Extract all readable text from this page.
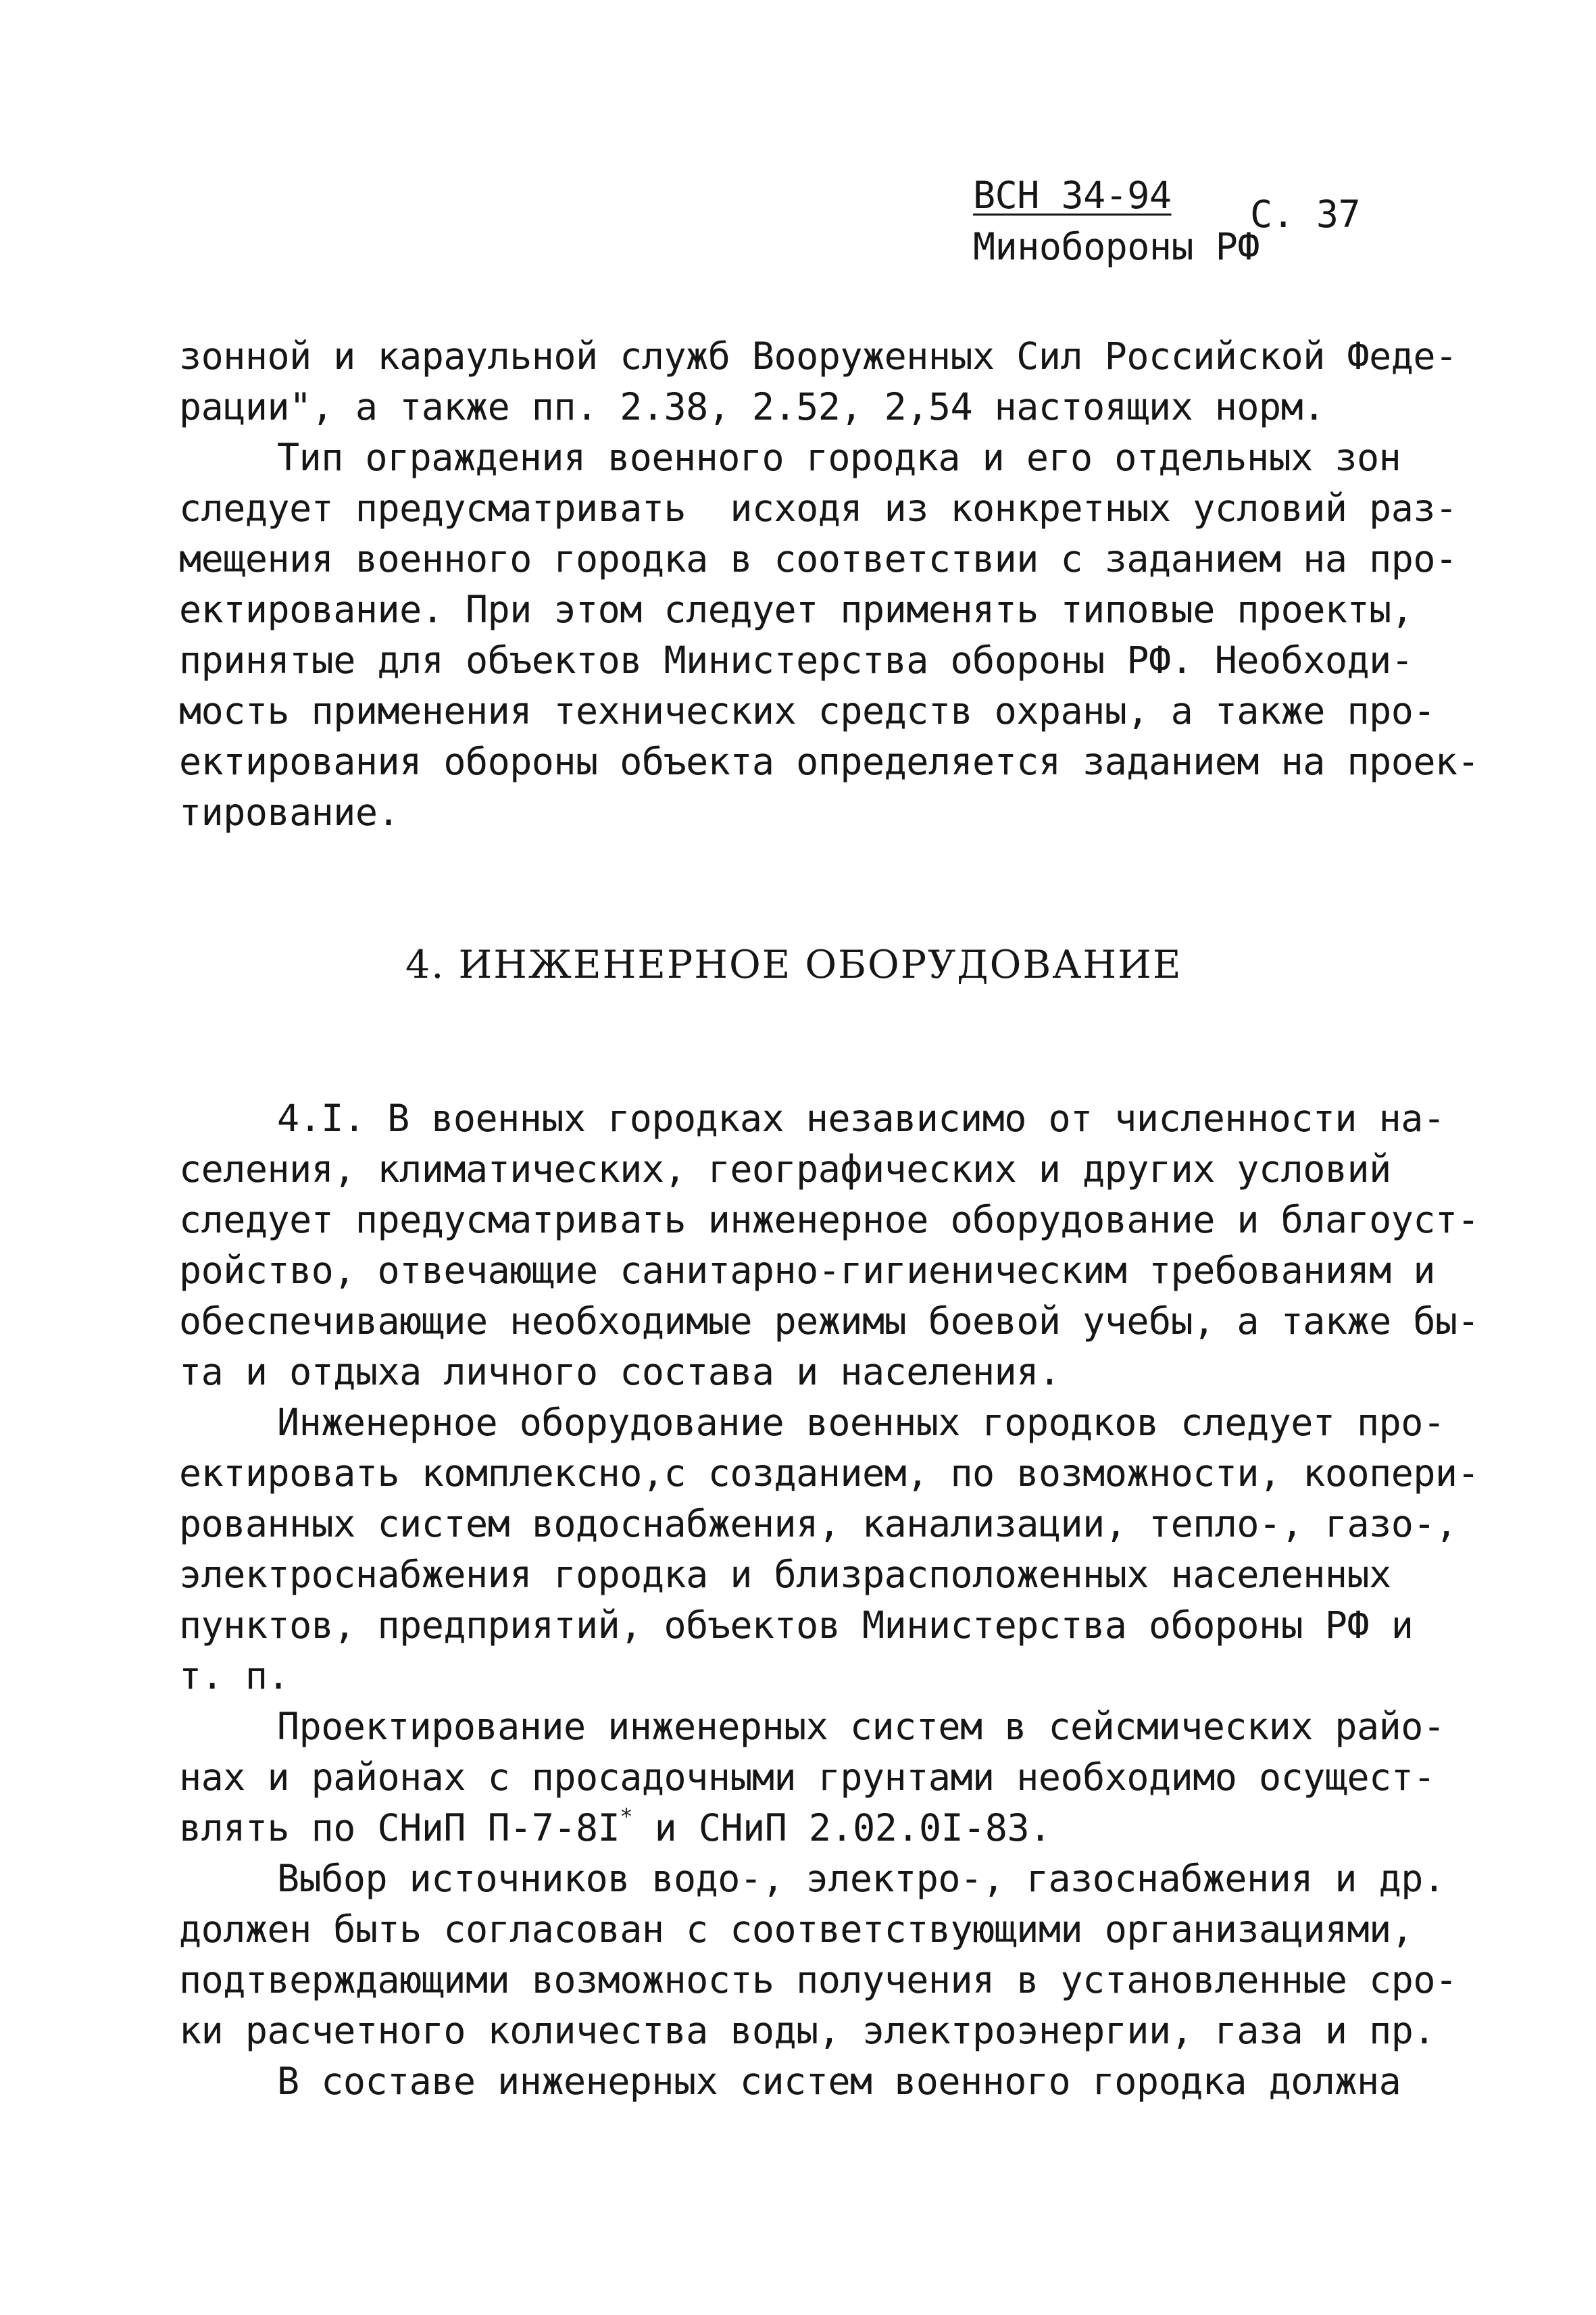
ВСН 34-94 С. 37
Минобороны РФ
зонной и караульной служб Вооруженных Сил Российской Феде-
рации", а также пп. 2.38, 2.52, 2,54 настоящих норм.
Тип ограждения военного городка и его отдельных зон
следует предусматривать  исходя из конкретных условий раз-
мещения военного городка в соответствии с заданием на про-
ектирование. При этом следует применять типовые проекты,
принятые для объектов Министерства обороны РФ. Необходи-
мость применения технических средств охраны, а также про-
ектирования обороны объекта определяется заданием на проек-
тирование.
4. ИНЖЕНЕРНОЕ ОБОРУДОВАНИЕ
4.I. В военных городках независимо от численности на-
селения, климатических, географических и других условий
следует предусматривать инженерное оборудование и благоуст-
ройство, отвечающие санитарно-гигиеническим требованиям и
обеспечивающие необходимые режимы боевой учебы, а также бы-
та и отдыха личного состава и населения.
Инженерное оборудование военных городков следует про-
ектировать комплексно,с созданием, по возможности, коопери-
рованных систем водоснабжения, канализации, тепло-, газо-,
электроснабжения городка и близрасположенных населенных
пунктов, предприятий, объектов Министерства обороны РФ и
т. п.
Проектирование инженерных систем в сейсмических райо-
нах и районах с просадочными грунтами необходимо осущест-
влять по СНиП П-7-8I* и СНиП 2.02.0I-83.
Выбор источников водо-, электро-, газоснабжения и др.
должен быть согласован с соответствующими организациями,
подтверждающими возможность получения в установленные сро-
ки расчетного количества воды, электроэнергии, газа и пр.
В составе инженерных систем военного городка должна
